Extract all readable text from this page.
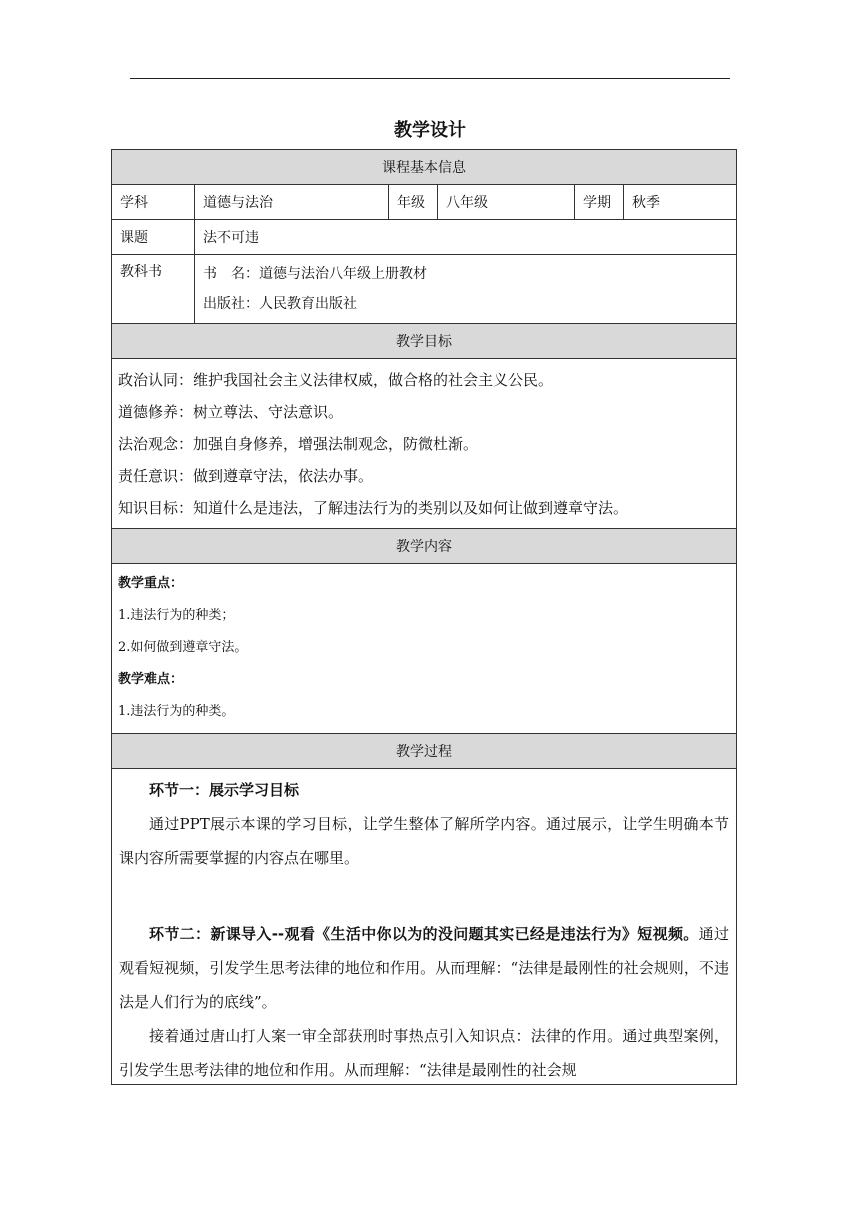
教学设计
课程基本信息
学科	道德与法治	年级	八年级	学期	秋季
课题	法不可违
教科书	书　名：道德与法治八年级上册教材
出版社：人民教育出版社
教学目标

政治认同：维护我国社会主义法律权威，做合格的社会主义公民。

道德修养：树立尊法、守法意识。

法治观念：加强自身修养，增强法制观念，防微杜渐。

责任意识：做到遵章守法，依法办事。

知识目标：知道什么是违法，了解违法行为的类别以及如何让做到遵章守法。

教学内容

教学重点：

1.违法行为的种类；

2.如何做到遵章守法。

教学难点：

1.违法行为的种类。

教学过程

环节一：展示学习目标

通过PPT展示本课的学习目标，让学生整体了解所学内容。通过展示，让学生明确本节课内容所需要掌握的内容点在哪里。

环节二：新课导入--观看《生活中你以为的没问题其实已经是违法行为》短视频。通过观看短视频，引发学生思考法律的地位和作用。从而理解：“法律是最刚性的社会规则，不违法是人们行为的底线”。

接着通过唐山打人案一审全部获刑时事热点引入知识点：法律的作用。通过典型案例，引发学生思考法律的地位和作用。从而理解：“法律是最刚性的社会规
